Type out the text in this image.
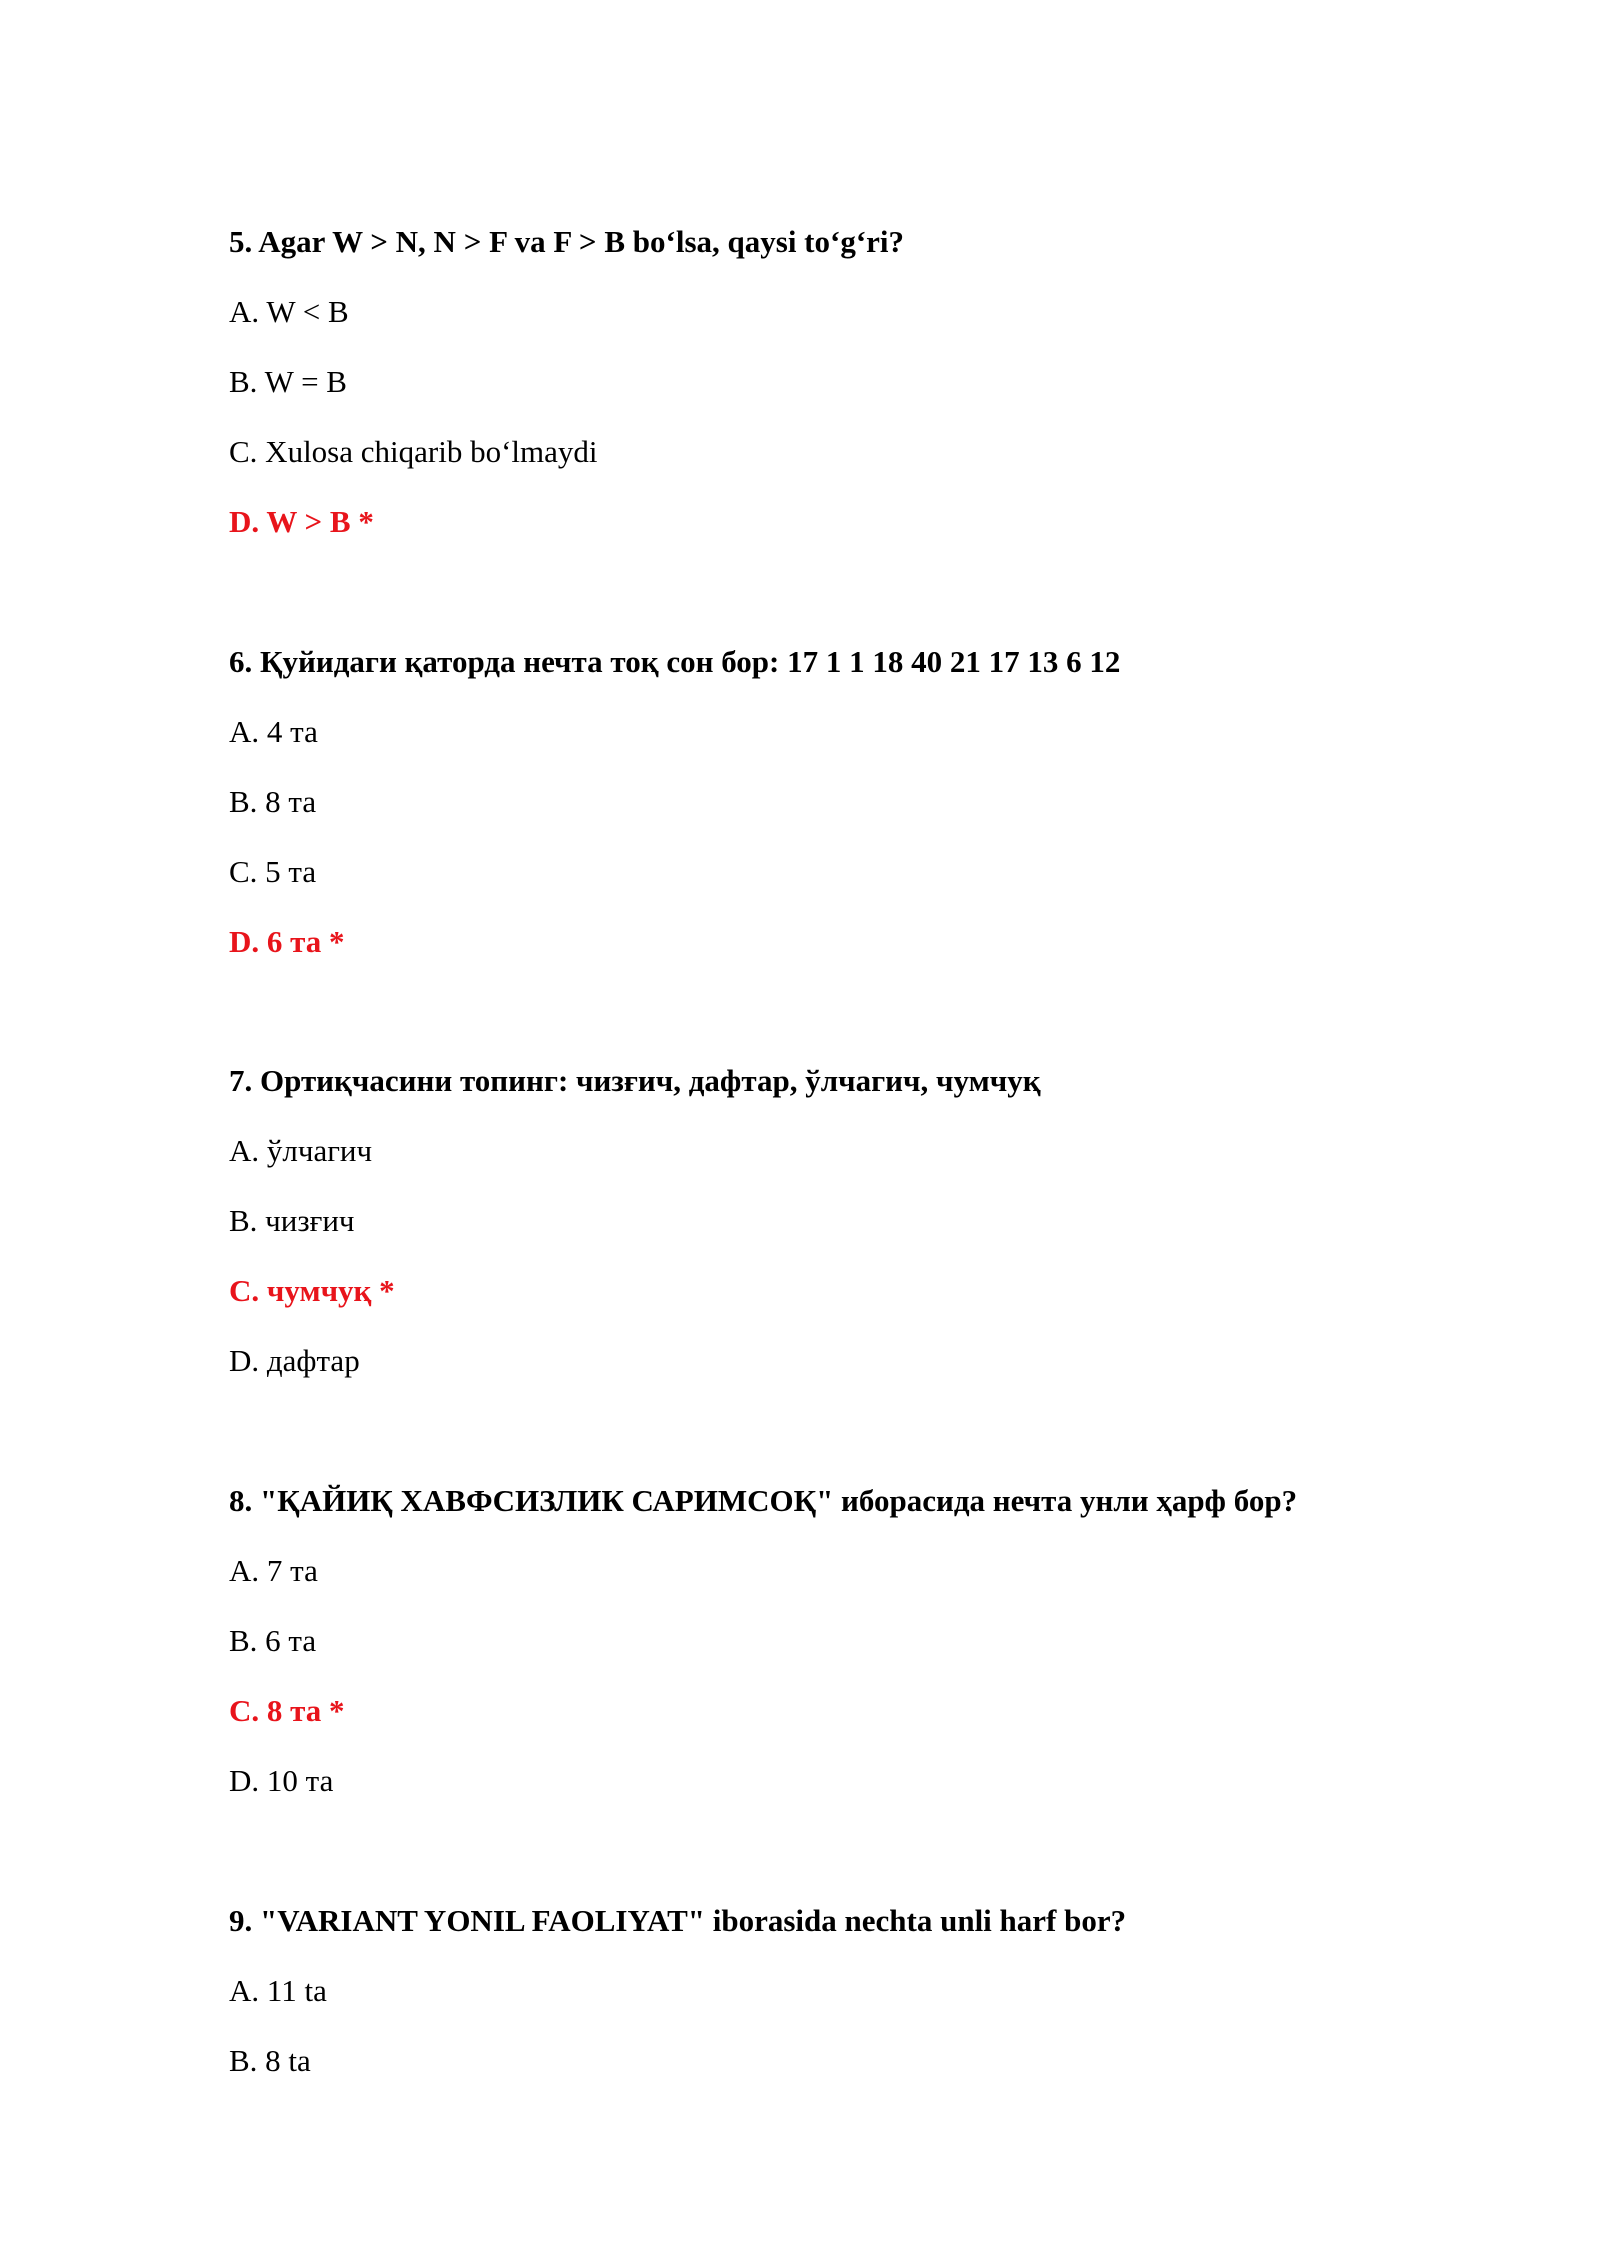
5. Agar W > N, N > F va F > B bo‘lsa, qaysi to‘g‘ri?
A. W < B
B. W = B
C. Xulosa chiqarib bo‘lmaydi
D. W > B *
6. Қуйидаги қаторда нечта тоқ сон бор: 17 1 1 18 40 21 17 13 6 12
A. 4 та
B. 8 та
C. 5 та
D. 6 та *
7. Ортиқчасини топинг: чизғич, дафтар, ўлчагич, чумчуқ
A. ўлчагич
B. чизғич
C. чумчуқ *
D. дафтар
8. "ҚАЙИҚ ХАВФСИЗЛИК САРИМСОҚ" иборасида нечта унли ҳарф бор?
A. 7 та
B. 6 та
C. 8 та *
D. 10 та
9. "VARIANT YONIL FAOLIYAT" iborasida nechta unli harf bor?
A. 11 ta
B. 8 ta
